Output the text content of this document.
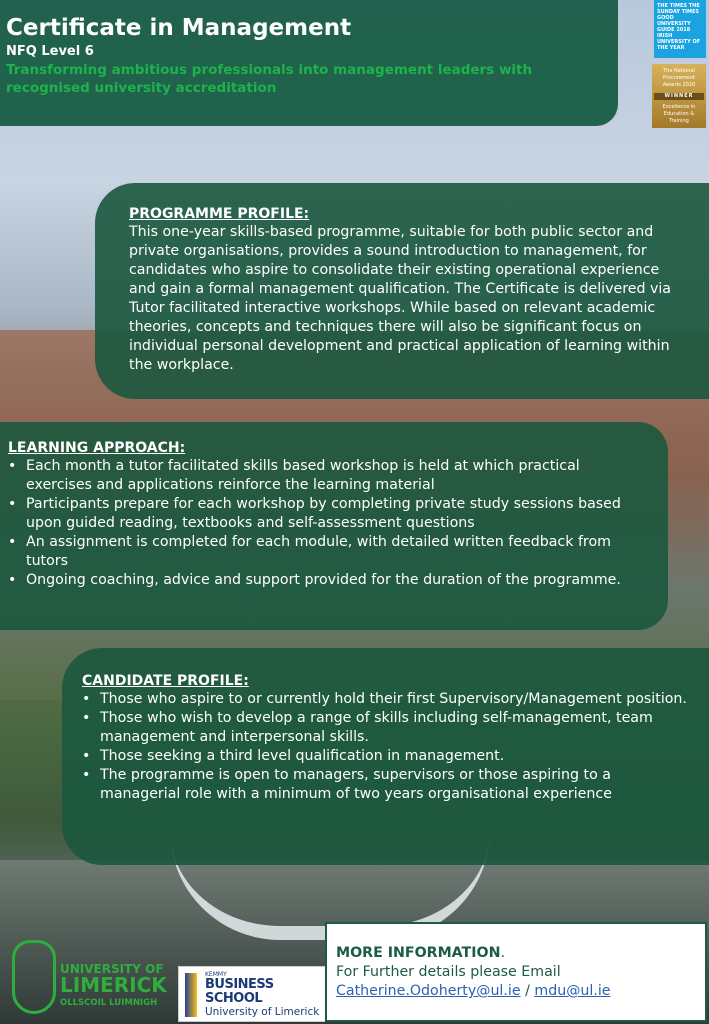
Certificate in Management
NFQ Level 6
Transforming ambitious professionals into management leaders with recognised university accreditation
THE TIMES THE SUNDAY TIMES GOOD UNIVERSITY GUIDE 2018 IRISH UNIVERSITY OF THE YEAR
The National Procurement Awards 2020
WINNER
Excellence in Education & Training
PROGRAMME PROFILE:

This one-year skills-based programme, suitable for both public sector and private organisations, provides a sound introduction to management, for candidates who aspire to consolidate their existing operational experience and gain a formal management qualification. The Certificate is delivered via Tutor facilitated interactive workshops. While based on relevant academic theories, concepts and techniques there will also be significant focus on individual personal development and practical application of learning within the workplace.

LEARNING APPROACH:
• Each month a tutor facilitated skills based workshop is held at which practical exercises and applications reinforce the learning material
• Participants prepare for each workshop by completing private study sessions based upon guided reading, textbooks and self-assessment questions
• An assignment is completed for each module, with detailed written feedback from tutors
• Ongoing coaching, advice and support provided for the duration of the programme.
CANDIDATE PROFILE:
• Those who aspire to or currently hold their first Supervisory/Management position.
• Those who wish to develop a range of skills including self-management, team management and interpersonal skills.
• Those seeking a third level qualification in management.
• The programme is open to managers, supervisors or those aspiring to a managerial role with a minimum of two years organisational experience
UNIVERSITY OF
LIMERICK
OLLSCOIL LUIMNIGH
KEMMY
BUSINESS SCHOOL
University of Limerick
MORE INFORMATION.
For Further details please Email
Catherine.Odoherty@ul.ie / mdu@ul.ie
